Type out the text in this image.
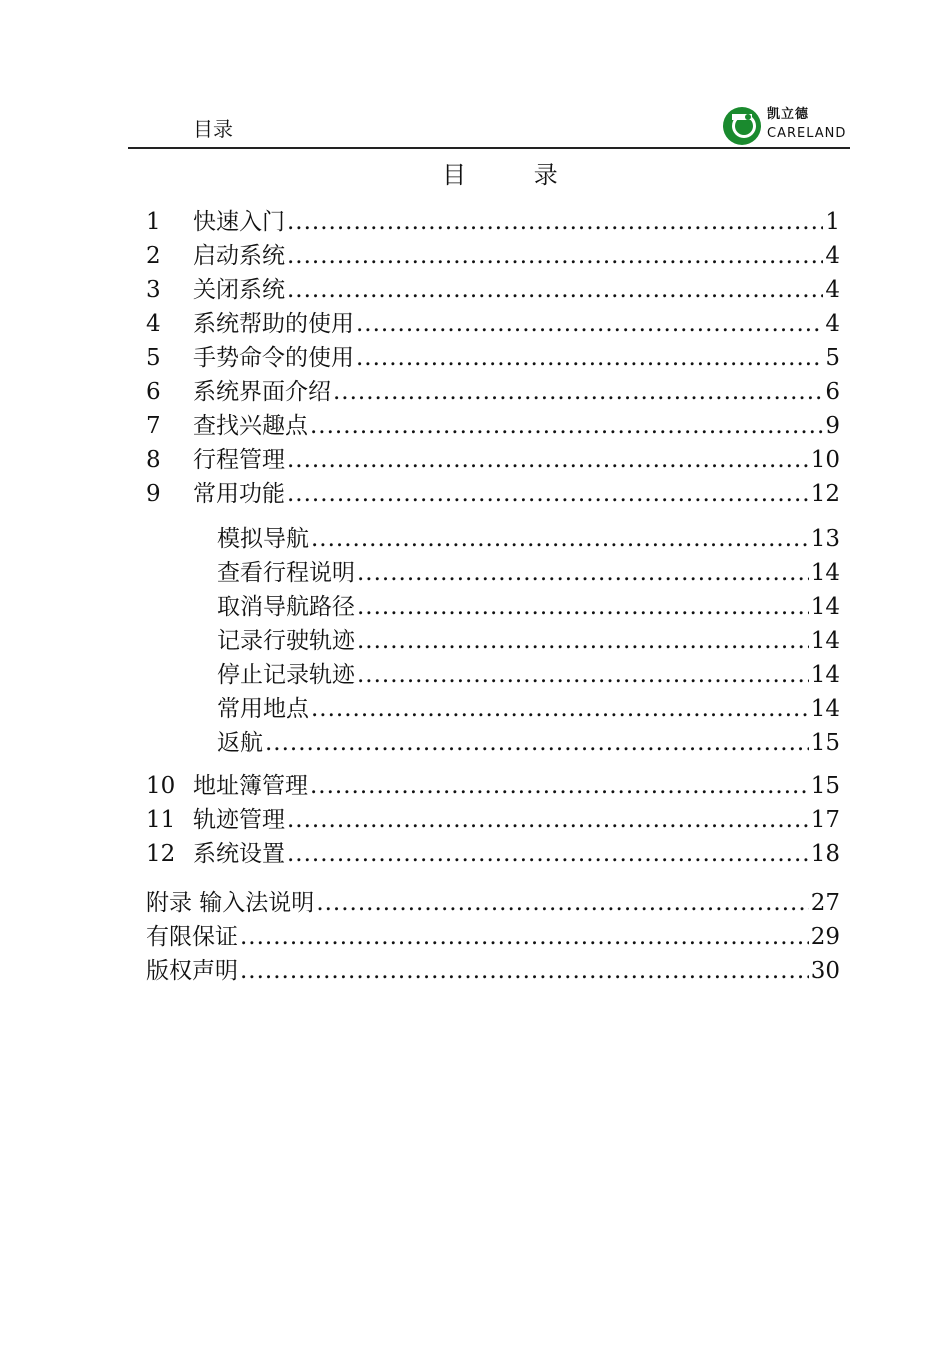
目录
凯立德
CARELAND
目 录
1	快速入门 .....	1
2	启动系统 .....	4
3	关闭系统 .....	4
4	系统帮助的使用 .....	4
5	手势命令的使用 .....	5
6	系统界面介绍 .....	6
7	查找兴趣点 .....	9
8	行程管理 .....	10
9	常用功能 .....	12
模拟导航 .....	13
查看行程说明 .....	14
取消导航路径 .....	14
记录行驶轨迹 .....	14
停止记录轨迹 .....	14
常用地点 .....	14
返航 .....	15
10 地址簿管理 .....	15
11 轨迹管理 .....	17
12 系统设置 .....	18
附录 输入法说明 .....	27
有限保证 .....	29
版权声明 .....	30
